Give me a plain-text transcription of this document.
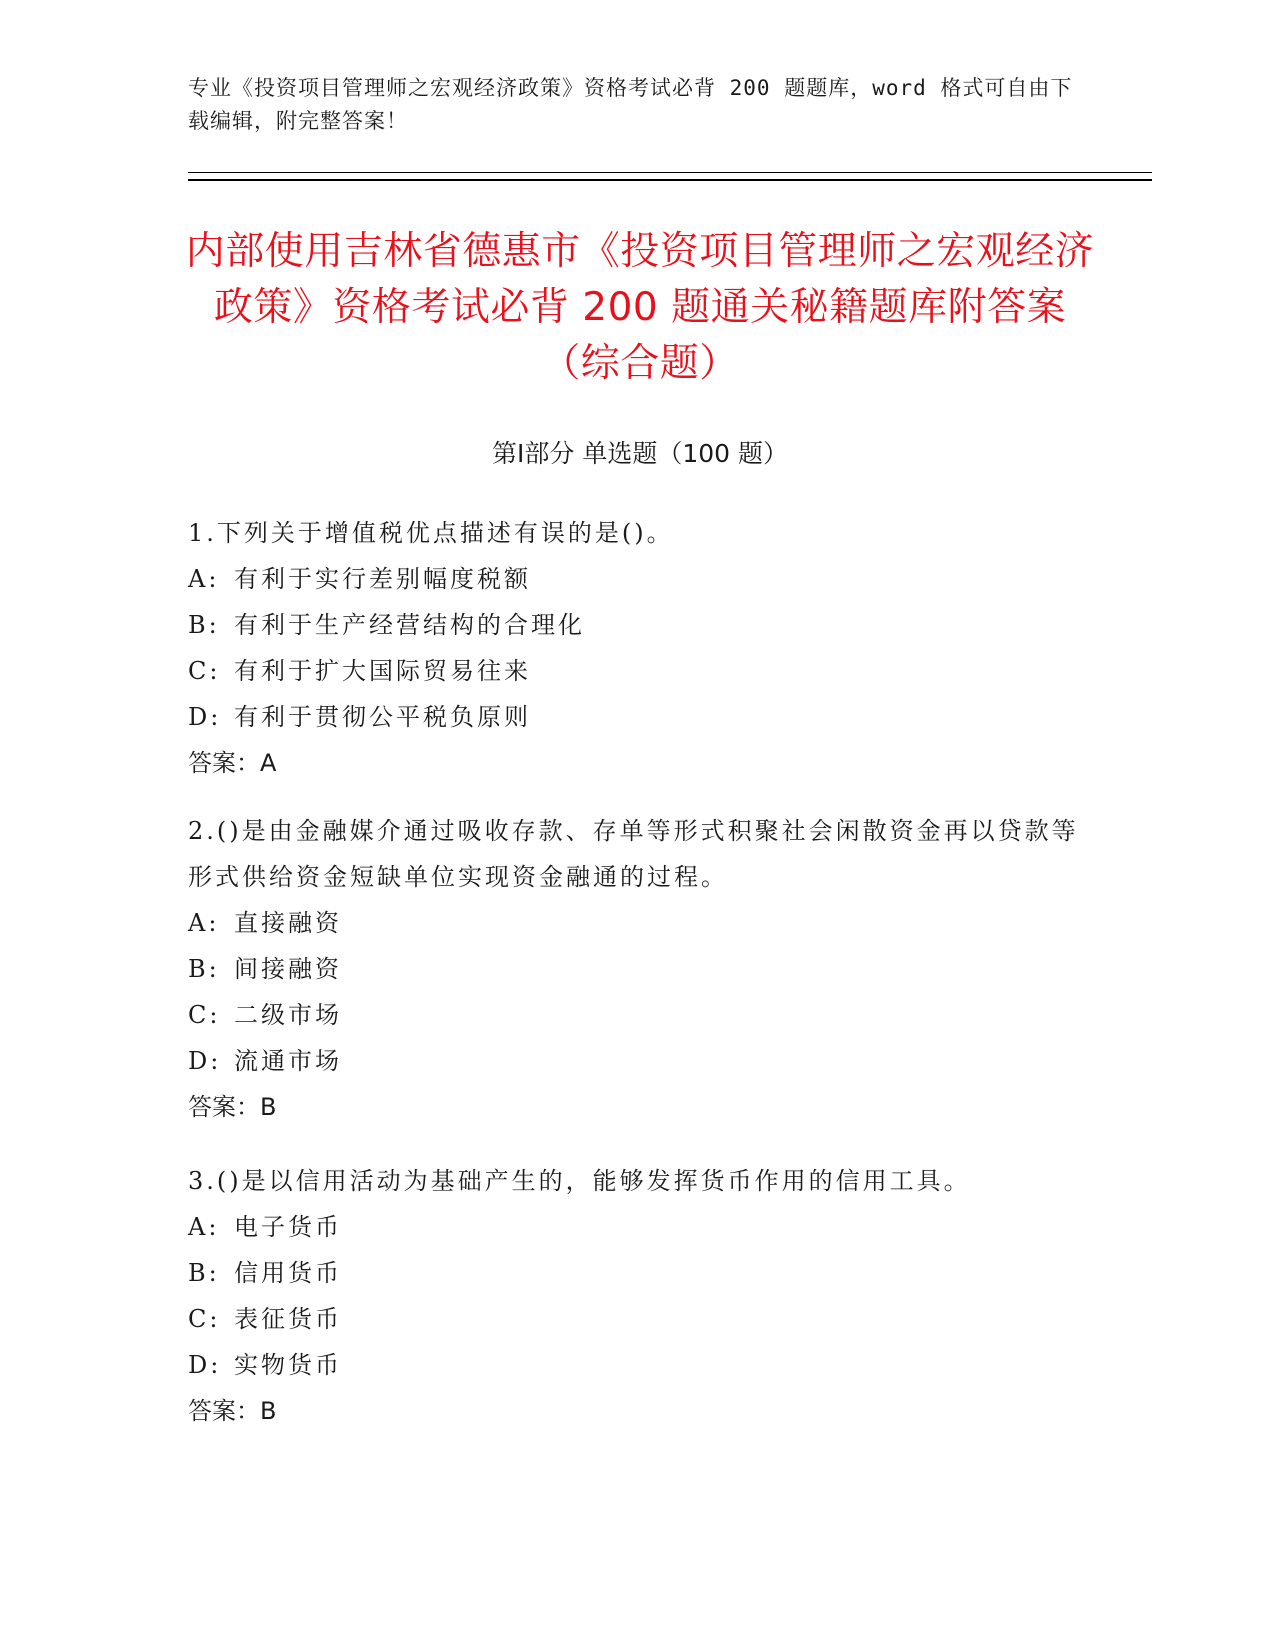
专业《投资项目管理师之宏观经济政策》资格考试必背 200 题题库，word 格式可自由下载编辑，附完整答案！
内部使用吉林省德惠市《投资项目管理师之宏观经济政策》资格考试必背 200 题通关秘籍题库附答案（综合题）
第Ⅰ部分 单选题（100 题）

1.下列关于增值税优点描述有误的是()。

A: 有利于实行差别幅度税额

B: 有利于生产经营结构的合理化

C: 有利于扩大国际贸易往来

D: 有利于贯彻公平税负原则

答案：A

2.()是由金融媒介通过吸收存款、存单等形式积聚社会闲散资金再以贷款等形式供给资金短缺单位实现资金融通的过程。

A: 直接融资

B: 间接融资

C: 二级市场

D: 流通市场

答案：B

3.()是以信用活动为基础产生的，能够发挥货币作用的信用工具。

A: 电子货币

B: 信用货币

C: 表征货币

D: 实物货币

答案：B
